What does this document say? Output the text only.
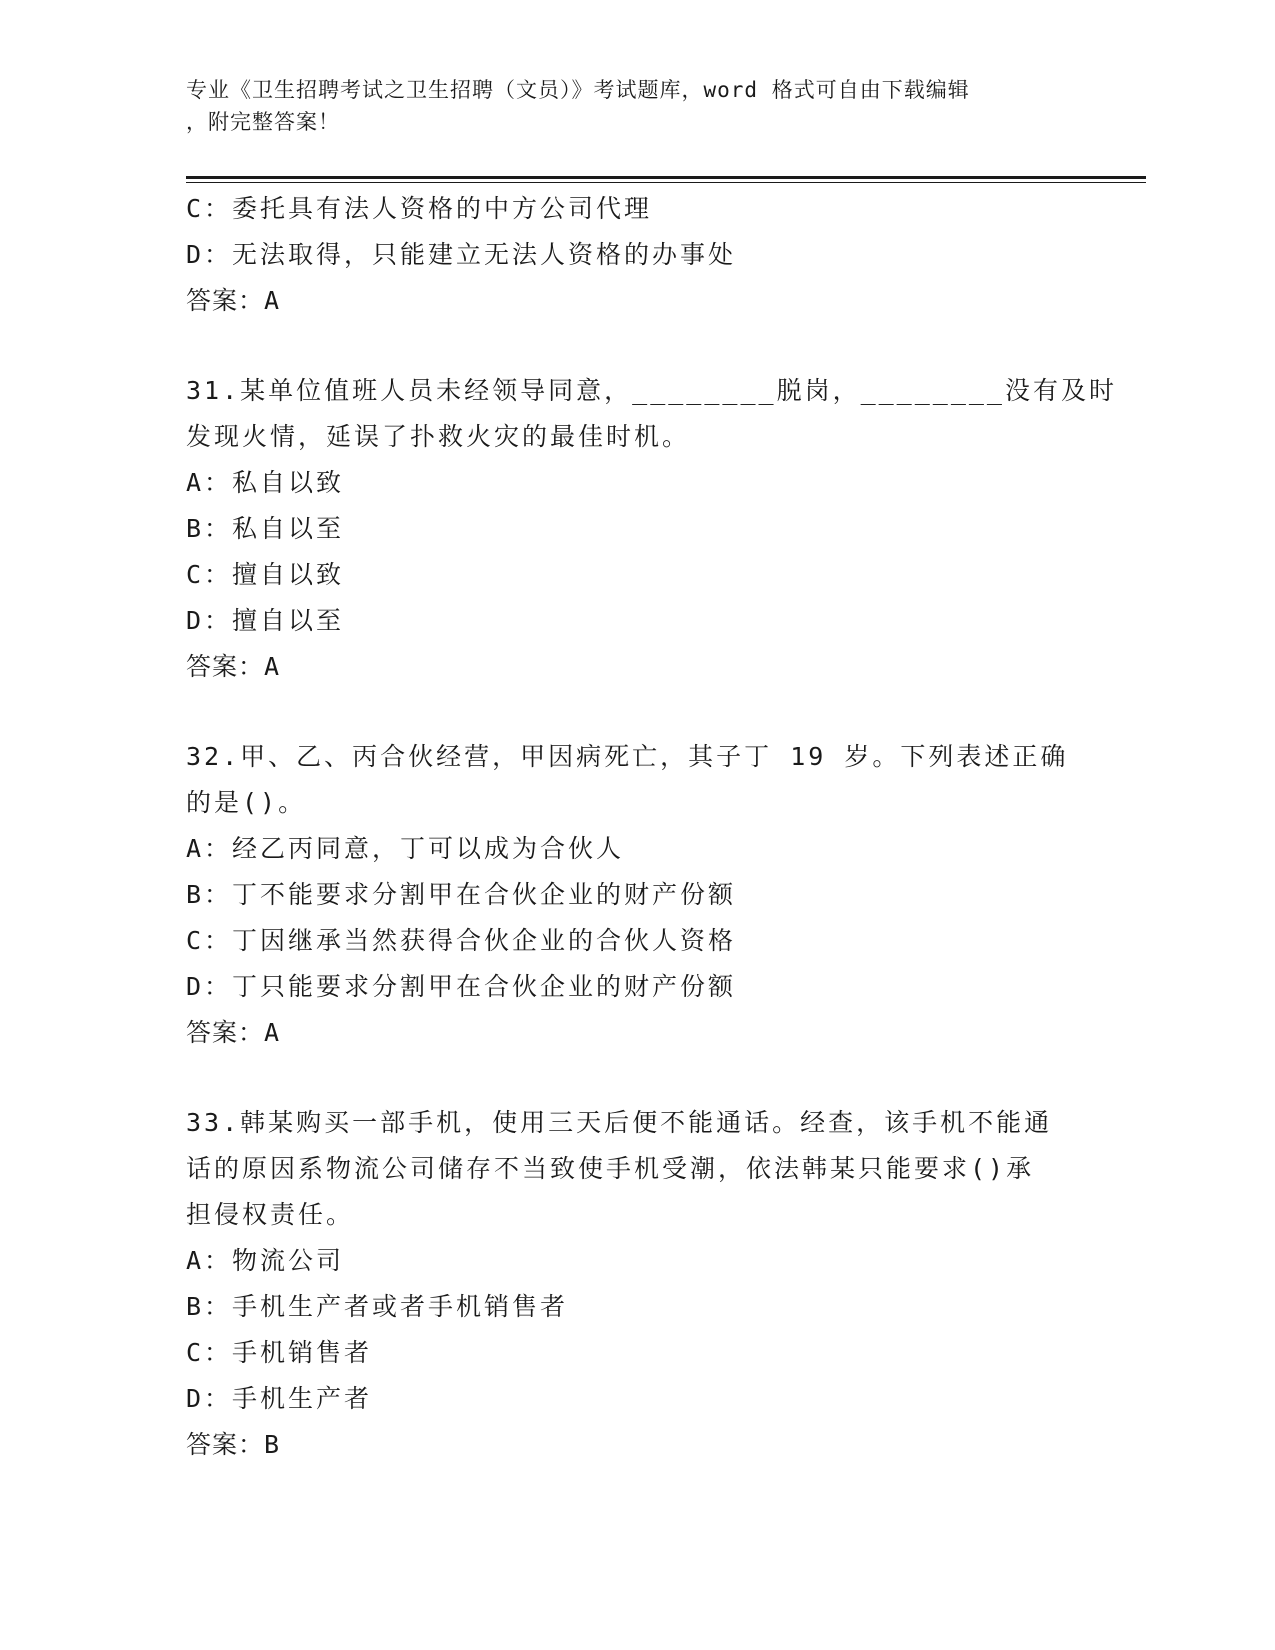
专业《卫生招聘考试之卫生招聘（文员）》考试题库，word 格式可自由下载编辑
，附完整答案！
C：委托具有法人资格的中方公司代理
D：无法取得，只能建立无法人资格的办事处
答案：A
31.某单位值班人员未经领导同意，________脱岗，________没有及时
发现火情，延误了扑救火灾的最佳时机。
A：私自以致
B：私自以至
C：擅自以致
D：擅自以至
答案：A
32.甲、乙、丙合伙经营，甲因病死亡，其子丁 19 岁。下列表述正确
的是()。
A：经乙丙同意，丁可以成为合伙人
B：丁不能要求分割甲在合伙企业的财产份额
C：丁因继承当然获得合伙企业的合伙人资格
D：丁只能要求分割甲在合伙企业的财产份额
答案：A
33.韩某购买一部手机，使用三天后便不能通话。经查，该手机不能通
话的原因系物流公司储存不当致使手机受潮，依法韩某只能要求()承
担侵权责任。
A：物流公司
B：手机生产者或者手机销售者
C：手机销售者
D：手机生产者
答案：B
